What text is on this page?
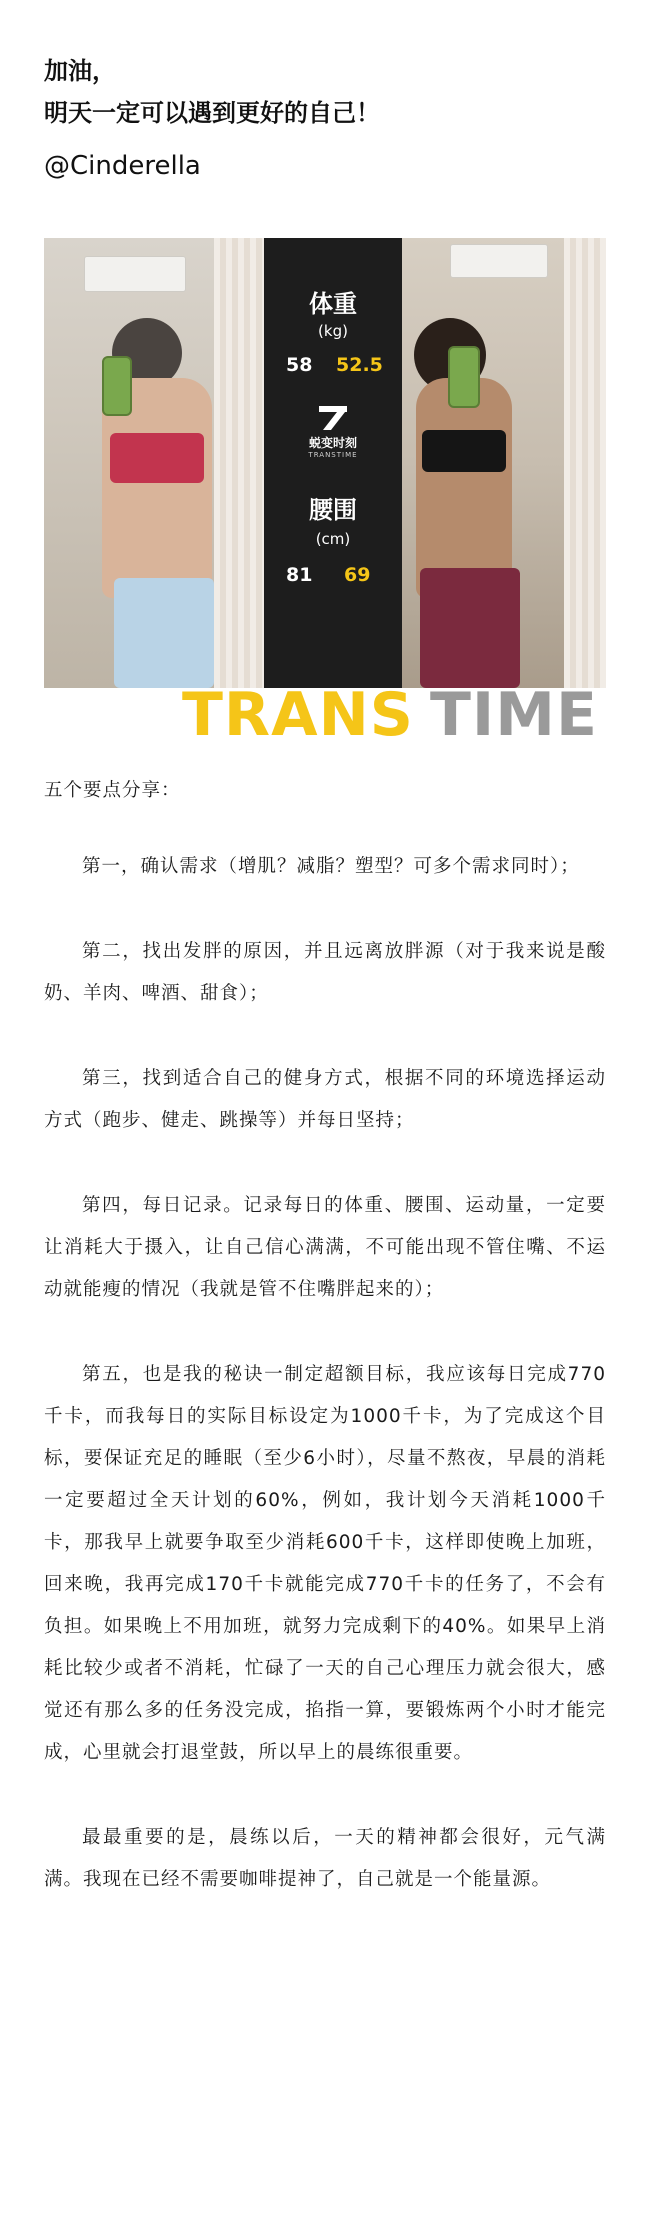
加油，
明天一定可以遇到更好的自己！
@Cinderella
体重
(kg)
58 52.5
蜕变时刻
TRANSTIME
腰围
(cm)
81 69
TRANS TIME

五个要点分享：

第一，确认需求（增肌？减脂？塑型？可多个需求同时）；

第二，找出发胖的原因，并且远离放胖源（对于我来说是酸奶、羊肉、啤酒、甜食）；

第三，找到适合自己的健身方式，根据不同的环境选择运动方式（跑步、健走、跳操等）并每日坚持；

第四，每日记录。记录每日的体重、腰围、运动量，一定要让消耗大于摄入，让自己信心满满，不可能出现不管住嘴、不运动就能瘦的情况（我就是管不住嘴胖起来的）；

第五，也是我的秘诀一制定超额目标，我应该每日完成770千卡，而我每日的实际目标设定为1000千卡，为了完成这个目标，要保证充足的睡眠（至少6小时），尽量不熬夜，早晨的消耗一定要超过全天计划的60%，例如，我计划今天消耗1000千卡，那我早上就要争取至少消耗600千卡，这样即使晚上加班，回来晚，我再完成170千卡就能完成770千卡的任务了，不会有负担。如果晚上不用加班，就努力完成剩下的40%。如果早上消耗比较少或者不消耗，忙碌了一天的自己心理压力就会很大，感觉还有那么多的任务没完成，掐指一算，要锻炼两个小时才能完成，心里就会打退堂鼓，所以早上的晨练很重要。

最最重要的是，晨练以后，一天的精神都会很好，元气满满。我现在已经不需要咖啡提神了，自己就是一个能量源。
